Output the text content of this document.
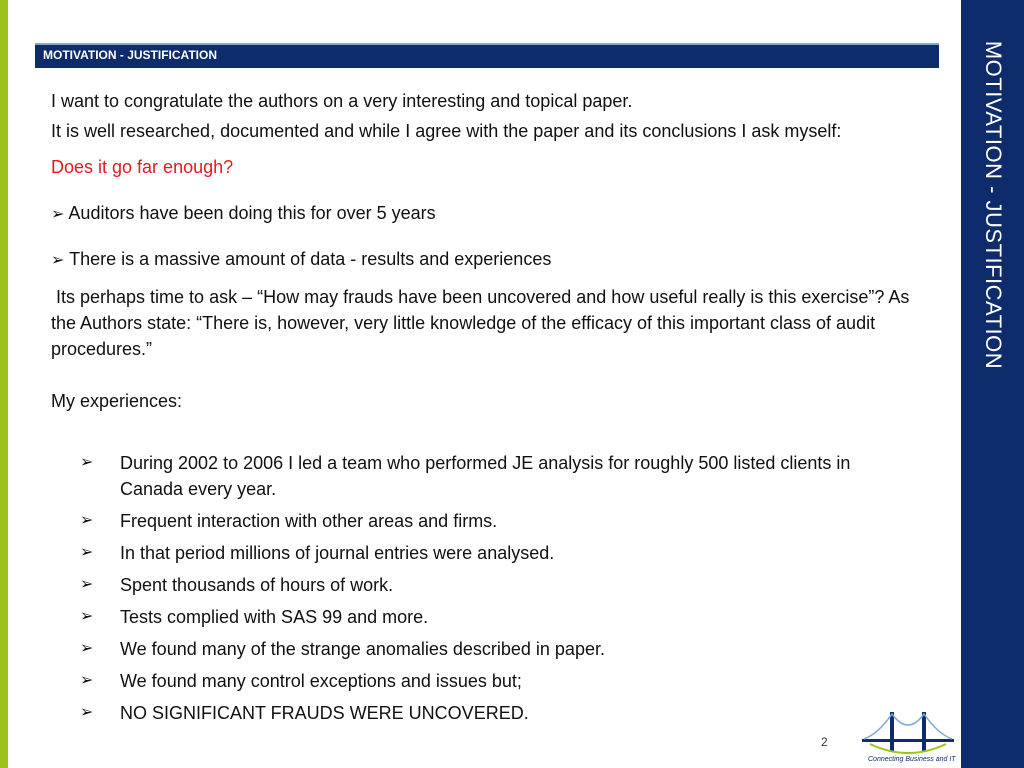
MOTIVATION - JUSTIFICATION
MOTIVATION - JUSTIFICATION

I want to congratulate the authors on a very interesting and topical paper.

It is well researched, documented and while I agree with the paper and its conclusions I ask myself:

Does it go far enough?

➢ Auditors have been doing this for over 5 years

➢ There is a massive amount of data - results and experiences

Its perhaps time to ask – “How may frauds have been uncovered and how useful really is this exercise”? As the Authors state: “There is, however, very little knowledge of the efficacy of this important class of audit procedures.”

My experiences:

➢	During 2002 to 2006 I led a team who performed JE analysis for roughly 500 listed clients in Canada every year.
➢	Frequent interaction with other areas and firms.
➢	In that period millions of journal entries were analysed.
➢	Spent thousands of hours of work.
➢	Tests complied with SAS 99 and more.
➢	We found many of the strange anomalies described in paper.
➢	We found many control exceptions and issues but;
➢	NO SIGNIFICANT FRAUDS WERE UNCOVERED.
2
Connecting Business and IT
